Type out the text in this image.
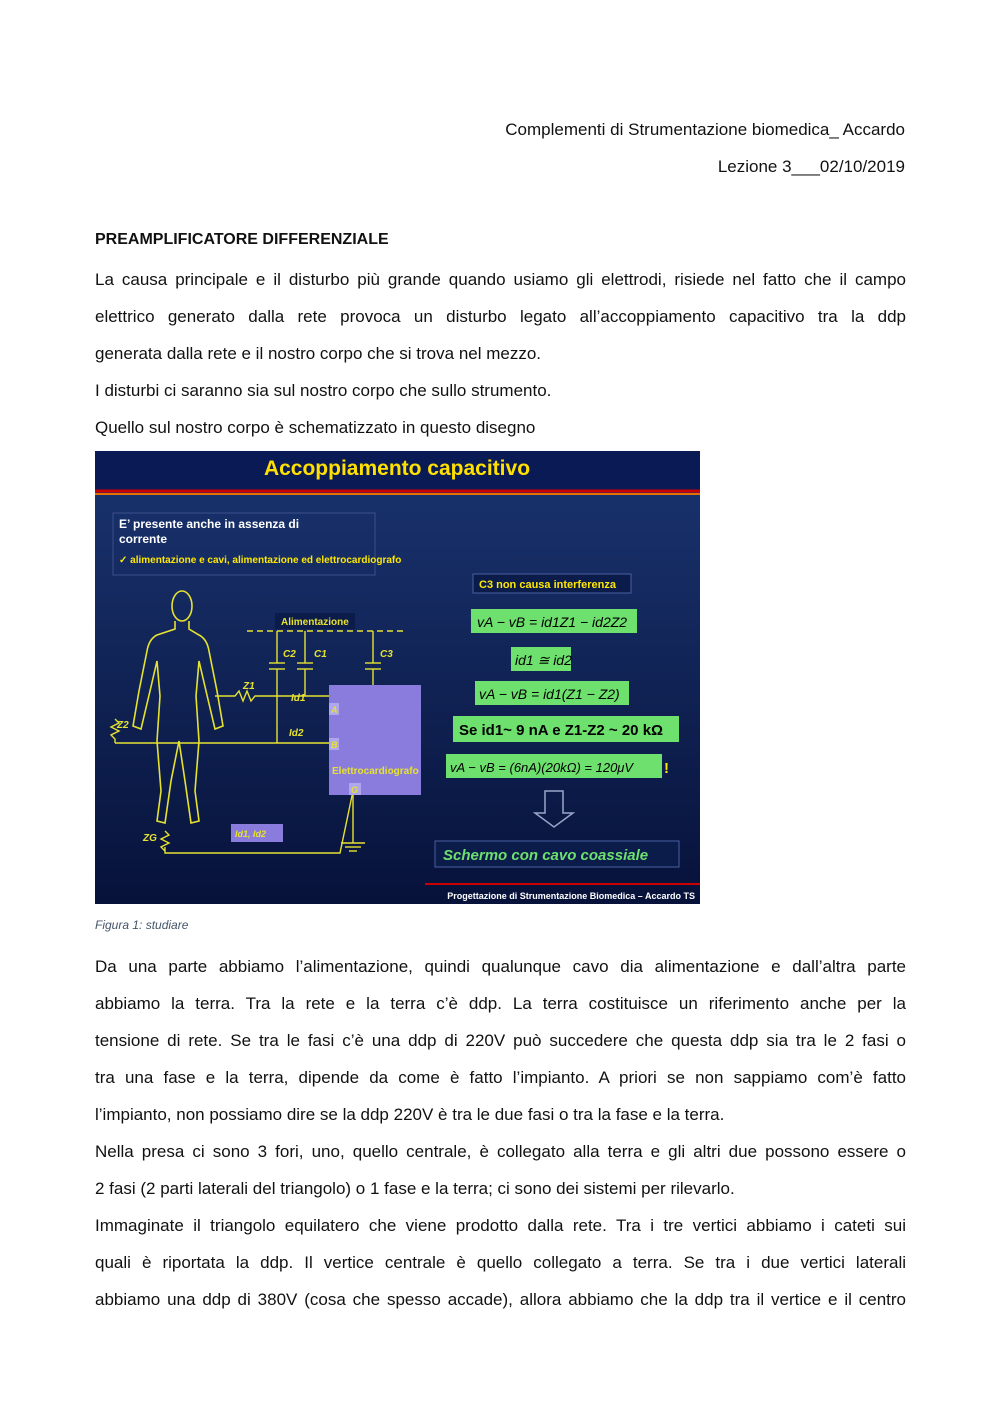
Complementi di Strumentazione biomedica_ Accardo
Lezione 3___02/10/2019
PREAMPLIFICATORE DIFFERENZIALE
La causa principale e il disturbo più grande quando usiamo gli elettrodi, risiede nel fatto che il campo
elettrico generato dalla rete provoca un disturbo legato all’accoppiamento capacitivo tra la ddp
generata dalla rete e il nostro corpo che si trova nel mezzo.
I disturbi ci saranno sia sul nostro corpo che sullo strumento.
Quello sul nostro corpo è schematizzato in questo disegno
Accoppiamento capacitivo
E’ presente anche in assenza di
corrente
✓ alimentazione e cavi, alimentazione ed elettrocardiografo
Alimentazione
A
B
G
Elettrocardiografo
C2 C1	C3
Z1
Z2
ZG
Id1
Id2
Id1, Id2
C3 non causa interferenza
vA − vB = id1Z1 − id2Z2
id1 ≅ id2
vA − vB = id1(Z1 − Z2)
Se id1~ 9 nA e Z1-Z2 ~ 20 kΩ
vA − vB = (6nA)(20kΩ) = 120μV !
Schermo con cavo coassiale
Progettazione di Strumentazione Biomedica – Accardo TS
Figura 1: studiare
Da una parte abbiamo l’alimentazione, quindi qualunque cavo dia alimentazione e dall’altra parte
abbiamo la terra. Tra la rete e la terra c’è ddp. La terra costituisce un riferimento anche per la
tensione di rete. Se tra le fasi c’è una ddp di 220V può succedere che questa ddp sia tra le 2 fasi o
tra una fase e la terra, dipende da come è fatto l’impianto. A priori se non sappiamo com’è fatto
l’impianto, non possiamo dire se la ddp 220V è tra le due fasi o tra la fase e la terra.
Nella presa ci sono 3 fori, uno, quello centrale, è collegato alla terra e gli altri due possono essere o
2 fasi (2 parti laterali del triangolo) o 1 fase e la terra; ci sono dei sistemi per rilevarlo.
Immaginate il triangolo equilatero che viene prodotto dalla rete. Tra i tre vertici abbiamo i cateti sui
quali è riportata la ddp. Il vertice centrale è quello collegato a terra. Se tra i due vertici laterali
abbiamo una ddp di 380V (cosa che spesso accade), allora abbiamo che la ddp tra il vertice e il centro
